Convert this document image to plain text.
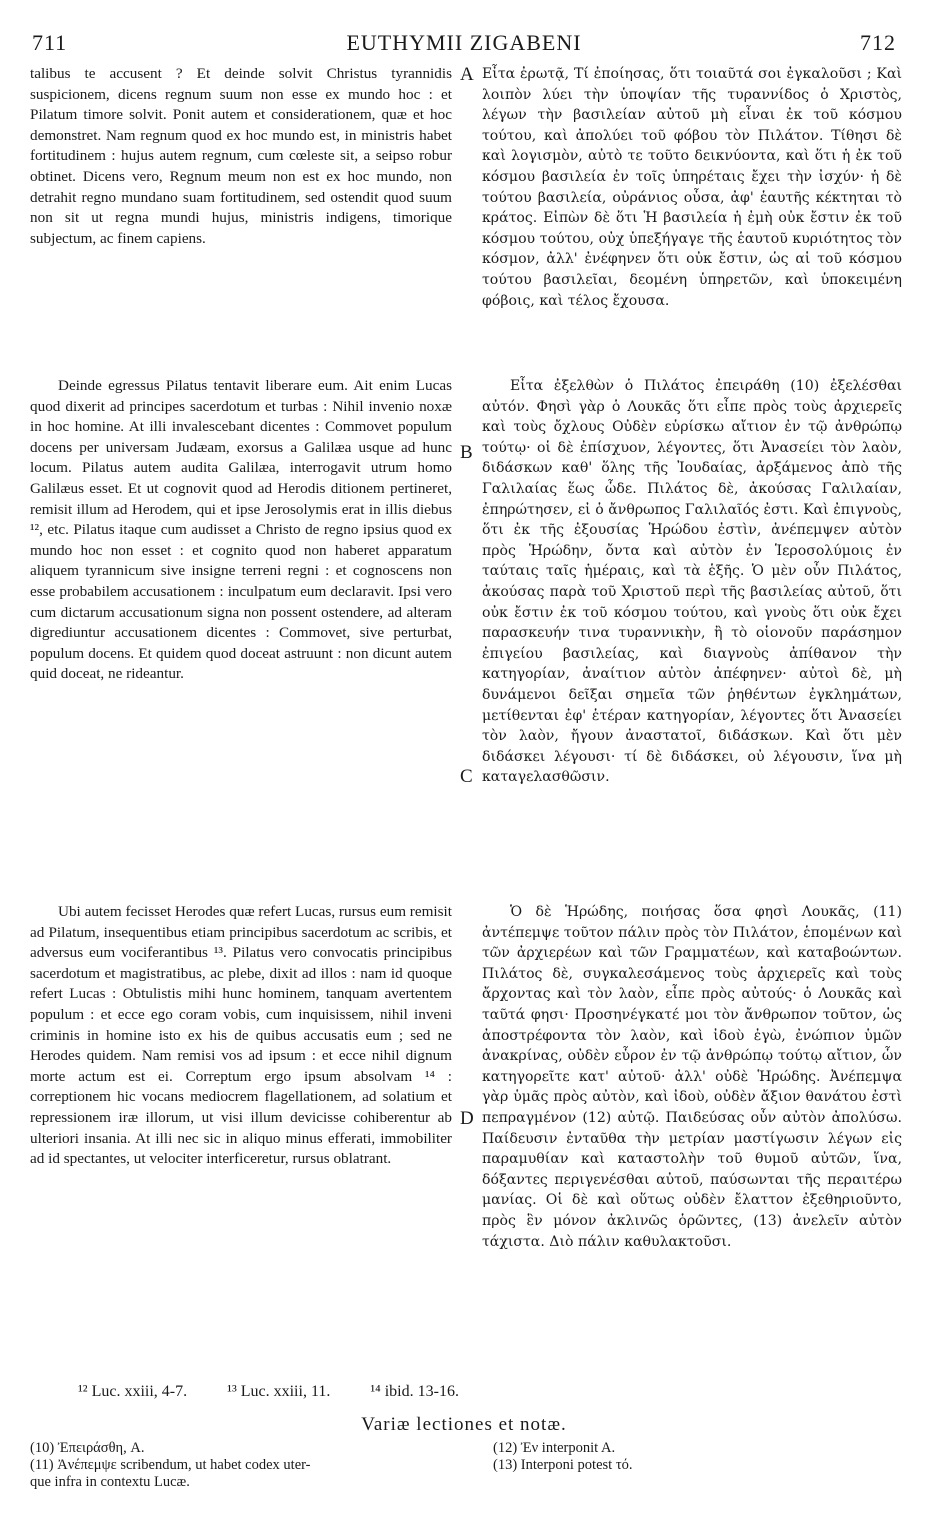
711	EUTHYMII ZIGABENI	712

talibus te accusent ? Et deinde solvit Christus tyrannidis suspicionem, dicens regnum suum non esse ex mundo hoc : et Pilatum timore solvit. Ponit autem et considerationem, quæ et hoc demonstret. Nam regnum quod ex hoc mundo est, in ministris habet fortitudinem : hujus autem regnum, cum cœleste sit, a seipso robur obtinet. Dicens vero, Regnum meum non est ex hoc mundo, non detrahit regno mundano suam fortitudinem, sed ostendit quod suum non sit ut regna mundi hujus, ministris indigens, timorique subjectum, ac finem capiens.

Deinde egressus Pilatus tentavit liberare eum. Ait enim Lucas quod dixerit ad principes sacerdotum et turbas : Nihil invenio noxæ in hoc homine. At illi invalescebant dicentes : Commovet populum docens per universam Judæam, exorsus a Galilæa usque ad hunc locum. Pilatus autem audita Galilæa, interrogavit utrum homo Galilæus esset. Et ut cognovit quod ad Herodis ditionem pertineret, remisit illum ad Herodem, qui et ipse Jerosolymis erat in illis diebus ¹², etc. Pilatus itaque cum audisset a Christo de regno ipsius quod ex mundo hoc non esset : et cognito quod non haberet apparatum aliquem tyrannicum sive insigne terreni regni : et cognoscens non esse probabilem accusationem : inculpatum eum declaravit. Ipsi vero cum dictarum accusationum signa non possent ostendere, ad alteram digrediuntur accusationem dicentes : Commovet, sive perturbat, populum docens. Et quidem quod doceat astruunt : non dicunt autem quid doceat, ne rideantur.

Ubi autem fecisset Herodes quæ refert Lucas, rursus eum remisit ad Pilatum, insequentibus etiam principibus sacerdotum ac scribis, et adversus eum vociferantibus ¹³. Pilatus vero convocatis principibus sacerdotum et magistratibus, ac plebe, dixit ad illos : nam id quoque refert Lucas : Obtulistis mihi hunc hominem, tanquam avertentem populum : et ecce ego coram vobis, cum inquisissem, nihil inveni criminis in homine isto ex his de quibus accusatis eum ; sed ne Herodes quidem. Nam remisi vos ad ipsum : et ecce nihil dignum morte actum est ei. Correptum ergo ipsum absolvam ¹⁴ : correptionem hic vocans mediocrem flagellationem, ad solatium et repressionem iræ illorum, ut visi illum devicisse cohiberentur ab ulteriori insania. At illi nec sic in aliquo minus efferati, immobiliter ad id spectantes, ut velociter interficeretur, rursus oblatrant.

A
B
C
D

Εἶτα ἐρωτᾷ, Τί ἐποίησας, ὅτι τοιαῦτά σοι ἐγκαλοῦσι ; Καὶ λοιπὸν λύει τὴν ὑποψίαν τῆς τυραννίδος ὁ Χριστὸς, λέγων τὴν βασιλείαν αὐτοῦ μὴ εἶναι ἐκ τοῦ κόσμου τούτου, καὶ ἀπολύει τοῦ φόβου τὸν Πιλάτον. Τίθησι δὲ καὶ λογισμὸν, αὐτὸ τε τοῦτο δεικνύοντα, καὶ ὅτι ἡ ἐκ τοῦ κόσμου βασιλεία ἐν τοῖς ὑπηρέταις ἔχει τὴν ἰσχύν· ἡ δὲ τούτου βασιλεία, οὐράνιος οὖσα, ἀφ' ἑαυτῆς κέκτηται τὸ κράτος. Εἰπὼν δὲ ὅτι Ἡ βασιλεία ἡ ἐμὴ οὐκ ἔστιν ἐκ τοῦ κόσμου τούτου, οὐχ ὑπεξήγαγε τῆς ἑαυτοῦ κυριότητος τὸν κόσμον, ἀλλ' ἐνέφηνεν ὅτι οὐκ ἔστιν, ὡς αἱ τοῦ κόσμου τούτου βασιλεῖαι, δεομένη ὑπηρετῶν, καὶ ὑποκειμένη φόβοις, καὶ τέλος ἔχουσα.

Εἶτα ἐξελθὼν ὁ Πιλάτος ἐπειράθη (10) ἐξελέσθαι αὐτόν. Φησὶ γὰρ ὁ Λουκᾶς ὅτι εἶπε πρὸς τοὺς ἀρχιερεῖς καὶ τοὺς ὄχλους Οὐδὲν εὑρίσκω αἴτιον ἐν τῷ ἀνθρώπῳ τούτῳ· οἱ δὲ ἐπίσχυον, λέγοντες, ὅτι Ἀνασείει τὸν λαὸν, διδάσκων καθ' ὅλης τῆς Ἰουδαίας, ἀρξάμενος ἀπὸ τῆς Γαλιλαίας ἕως ὧδε. Πιλάτος δὲ, ἀκούσας Γαλιλαίαν, ἐπηρώτησεν, εἰ ὁ ἄνθρωπος Γαλιλαῖός ἐστι. Καὶ ἐπιγνοὺς, ὅτι ἐκ τῆς ἐξουσίας Ἡρώδου ἐστὶν, ἀνέπεμψεν αὐτὸν πρὸς Ἡρώδην, ὄντα καὶ αὐτὸν ἐν Ἱεροσολύμοις ἐν ταύταις ταῖς ἡμέραις, καὶ τὰ ἑξῆς. Ὁ μὲν οὖν Πιλάτος, ἀκούσας παρὰ τοῦ Χριστοῦ περὶ τῆς βασιλείας αὐτοῦ, ὅτι οὐκ ἔστιν ἐκ τοῦ κόσμου τούτου, καὶ γνοὺς ὅτι οὐκ ἔχει παρασκευήν τινα τυραννικὴν, ἢ τὸ οἱονοῦν παράσημον ἐπιγείου βασιλείας, καὶ διαγνοὺς ἀπίθανον τὴν κατηγορίαν, ἀναίτιον αὐτὸν ἀπέφηνεν· αὐτοὶ δὲ, μὴ δυνάμενοι δεῖξαι σημεῖα τῶν ῥηθέντων ἐγκλημάτων, μετίθενται ἐφ' ἑτέραν κατηγορίαν, λέγοντες ὅτι Ἀνασείει τὸν λαὸν, ἤγουν ἀναστατοῖ, διδάσκων. Καὶ ὅτι μὲν διδάσκει λέγουσι· τί δὲ διδάσκει, οὐ λέγουσιν, ἵνα μὴ καταγελασθῶσιν.

Ὁ δὲ Ἡρώδης, ποιήσας ὅσα φησὶ Λουκᾶς, (11) ἀντέπεμψε τοῦτον πάλιν πρὸς τὸν Πιλάτον, ἑπομένων καὶ τῶν ἀρχιερέων καὶ τῶν Γραμματέων, καὶ καταβοώντων. Πιλάτος δὲ, συγκαλεσάμενος τοὺς ἀρχιερεῖς καὶ τοὺς ἄρχοντας καὶ τὸν λαὸν, εἶπε πρὸς αὐτούς· ὁ Λουκᾶς καὶ ταῦτά φησι· Προσηνέγκατέ μοι τὸν ἄνθρωπον τοῦτον, ὡς ἀποστρέφοντα τὸν λαὸν, καὶ ἰδοὺ ἐγὼ, ἐνώπιον ὑμῶν ἀνακρίνας, οὐδὲν εὗρον ἐν τῷ ἀνθρώπῳ τούτῳ αἴτιον, ὧν κατηγορεῖτε κατ' αὐτοῦ· ἀλλ' οὐδὲ Ἡρώδης. Ἀνέπεμψα γὰρ ὑμᾶς πρὸς αὐτὸν, καὶ ἰδοὺ, οὐδὲν ἄξιον θανάτου ἐστὶ πεπραγμένον (12) αὐτῷ. Παιδεύσας οὖν αὐτὸν ἀπολύσω. Παίδευσιν ἐνταῦθα τὴν μετρίαν μαστίγωσιν λέγων εἰς παραμυθίαν καὶ καταστολὴν τοῦ θυμοῦ αὐτῶν, ἵνα, δόξαντες περιγενέσθαι αὐτοῦ, παύσωνται τῆς περαιτέρω μανίας. Οἱ δὲ καὶ οὕτως οὐδὲν ἔλαττον ἐξεθηριοῦντο, πρὸς ἓν μόνον ἀκλινῶς ὁρῶντες, (13) ἀνελεῖν αὐτὸν τάχιστα. Διὸ πάλιν καθυλακτοῦσι.

¹² Luc. xxiii, 4-7.	¹³ Luc. xxiii, 11.	¹⁴ ibid. 13-16.
Variæ lectiones et notæ.
(10) Ἐπειράσθη, A.
(11) Ἀνέπεμψε scribendum, ut habet codex uter-
que infra in contextu Lucæ.
(12) Ἐν interponit A.
(13) Interponi potest τό.
